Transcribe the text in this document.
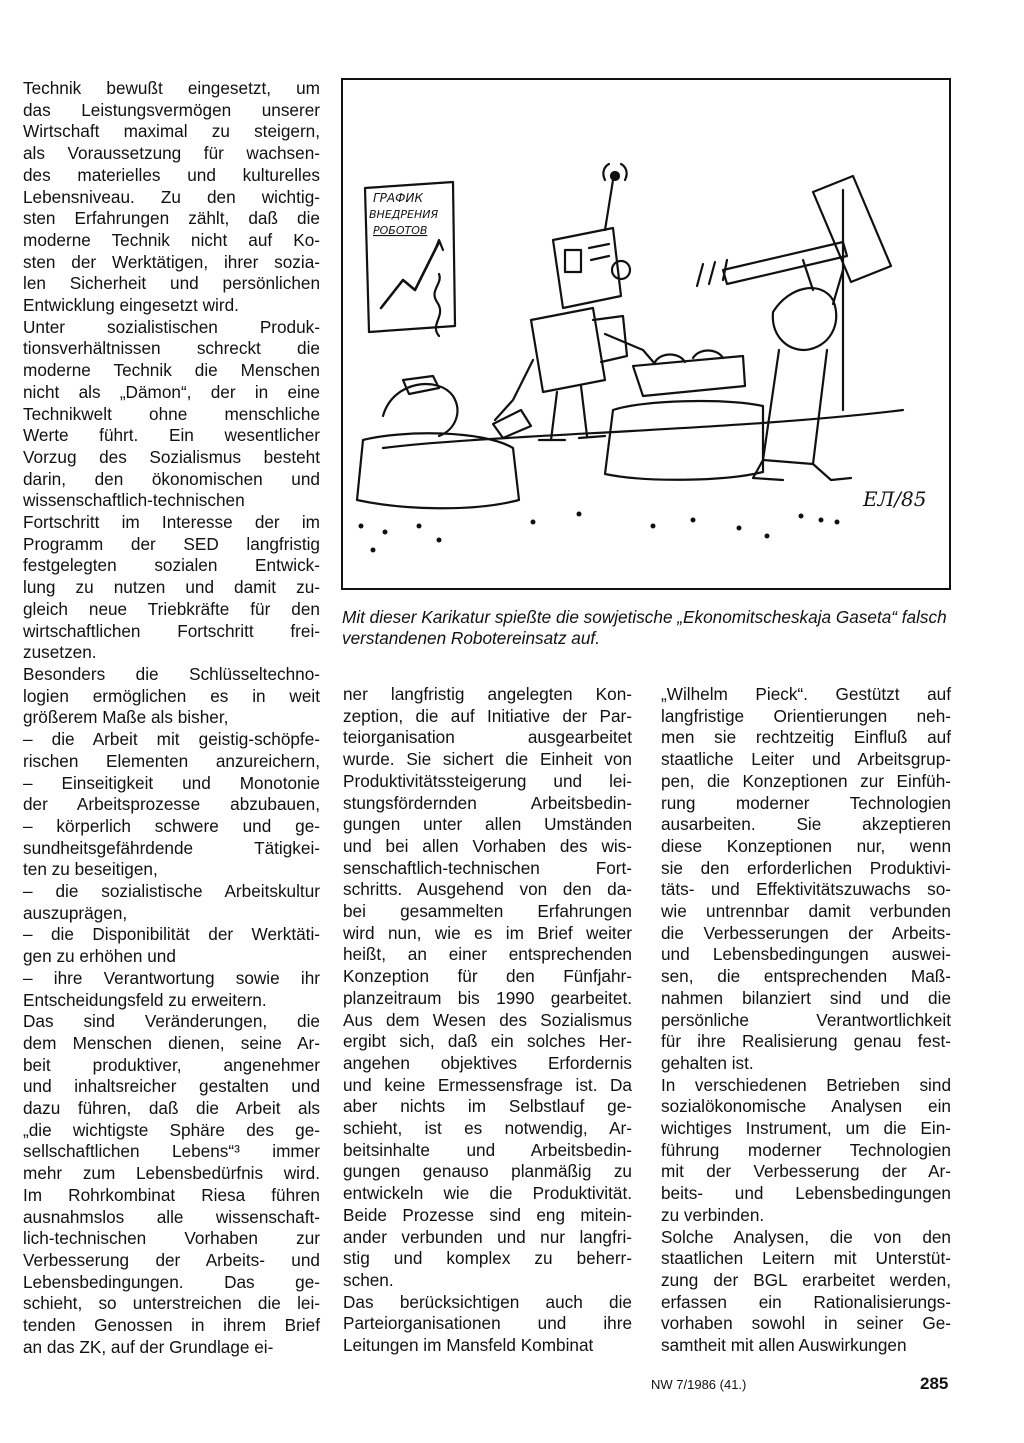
Technik bewußt eingesetzt, um

das Leistungsvermögen unserer

Wirtschaft maximal zu steigern,

als Voraussetzung für wachsen-

des materielles und kulturelles

Lebensniveau. Zu den wichtig-

sten Erfahrungen zählt, daß die

moderne Technik nicht auf Ko-

sten der Werktätigen, ihrer sozia-

len Sicherheit und persönlichen

Entwicklung eingesetzt wird.

Unter sozialistischen Produk-

tionsverhältnissen schreckt die

moderne Technik die Menschen

nicht als „Dämon“, der in eine

Technikwelt ohne menschliche

Werte führt. Ein wesentlicher

Vorzug des Sozialismus besteht

darin, den ökonomischen und

wissenschaftlich-technischen

Fortschritt im Interesse der im

Programm der SED langfristig

festgelegten sozialen Entwick-

lung zu nutzen und damit zu-

gleich neue Triebkräfte für den

wirtschaftlichen Fortschritt frei-

zusetzen.

Besonders die Schlüsseltechno-

logien ermöglichen es in weit

größerem Maße als bisher,

– die Arbeit mit geistig-schöpfe-

rischen Elementen anzureichern,

– Einseitigkeit und Monotonie

der Arbeitsprozesse abzubauen,

– körperlich schwere und ge-

sundheitsgefährdende Tätigkei-

ten zu beseitigen,

– die sozialistische Arbeitskultur

auszuprägen,

– die Disponibilität der Werktäti-

gen zu erhöhen und

– ihre Verantwortung sowie ihr

Entscheidungsfeld zu erweitern.

Das sind Veränderungen, die

dem Menschen dienen, seine Ar-

beit produktiver, angenehmer

und inhaltsreicher gestalten und

dazu führen, daß die Arbeit als

„die wichtigste Sphäre des ge-

sellschaftlichen Lebens“³ immer

mehr zum Lebensbedürfnis wird.

Im Rohrkombinat Riesa führen

ausnahmslos alle wissenschaft-

lich-technischen Vorhaben zur

Verbesserung der Arbeits- und

Lebensbedingungen. Das ge-

schieht, so unterstreichen die lei-

tenden Genossen in ihrem Brief

an das ZK, auf der Grundlage ei-

ГРАФИК
ВНЕДРЕНИЯ
РОБОТОВ
ЕЛ/85
Mit dieser Karikatur spießte die sowjetische „Ekonomitscheskaja Gaseta“ falsch verstandenen Robotereinsatz auf.

ner langfristig angelegten Kon-

zeption, die auf Initiative der Par-

teiorganisation ausgearbeitet

wurde. Sie sichert die Einheit von

Produktivitätssteigerung und lei-

stungsfördernden Arbeitsbedin-

gungen unter allen Umständen

und bei allen Vorhaben des wis-

senschaftlich-technischen Fort-

schritts. Ausgehend von den da-

bei gesammelten Erfahrungen

wird nun, wie es im Brief weiter

heißt, an einer entsprechenden

Konzeption für den Fünfjahr-

planzeitraum bis 1990 gearbeitet.

Aus dem Wesen des Sozialismus

ergibt sich, daß ein solches Her-

angehen objektives Erfordernis

und keine Ermessensfrage ist. Da

aber nichts im Selbstlauf ge-

schieht, ist es notwendig, Ar-

beitsinhalte und Arbeitsbedin-

gungen genauso planmäßig zu

entwickeln wie die Produktivität.

Beide Prozesse sind eng mitein-

ander verbunden und nur langfri-

stig und komplex zu beherr-

schen.

Das berücksichtigen auch die

Parteiorganisationen und ihre

Leitungen im Mansfeld Kombinat

„Wilhelm Pieck“. Gestützt auf

langfristige Orientierungen neh-

men sie rechtzeitig Einfluß auf

staatliche Leiter und Arbeitsgrup-

pen, die Konzeptionen zur Einfüh-

rung moderner Technologien

ausarbeiten. Sie akzeptieren

diese Konzeptionen nur, wenn

sie den erforderlichen Produktivi-

täts- und Effektivitätszuwachs so-

wie untrennbar damit verbunden

die Verbesserungen der Arbeits-

und Lebensbedingungen auswei-

sen, die entsprechenden Maß-

nahmen bilanziert sind und die

persönliche Verantwortlichkeit

für ihre Realisierung genau fest-

gehalten ist.

In verschiedenen Betrieben sind

sozialökonomische Analysen ein

wichtiges Instrument, um die Ein-

führung moderner Technologien

mit der Verbesserung der Ar-

beits- und Lebensbedingungen

zu verbinden.

Solche Analysen, die von den

staatlichen Leitern mit Unterstüt-

zung der BGL erarbeitet werden,

erfassen ein Rationalisierungs-

vorhaben sowohl in seiner Ge-

samtheit mit allen Auswirkungen

NW 7/1986 (41.)	285
